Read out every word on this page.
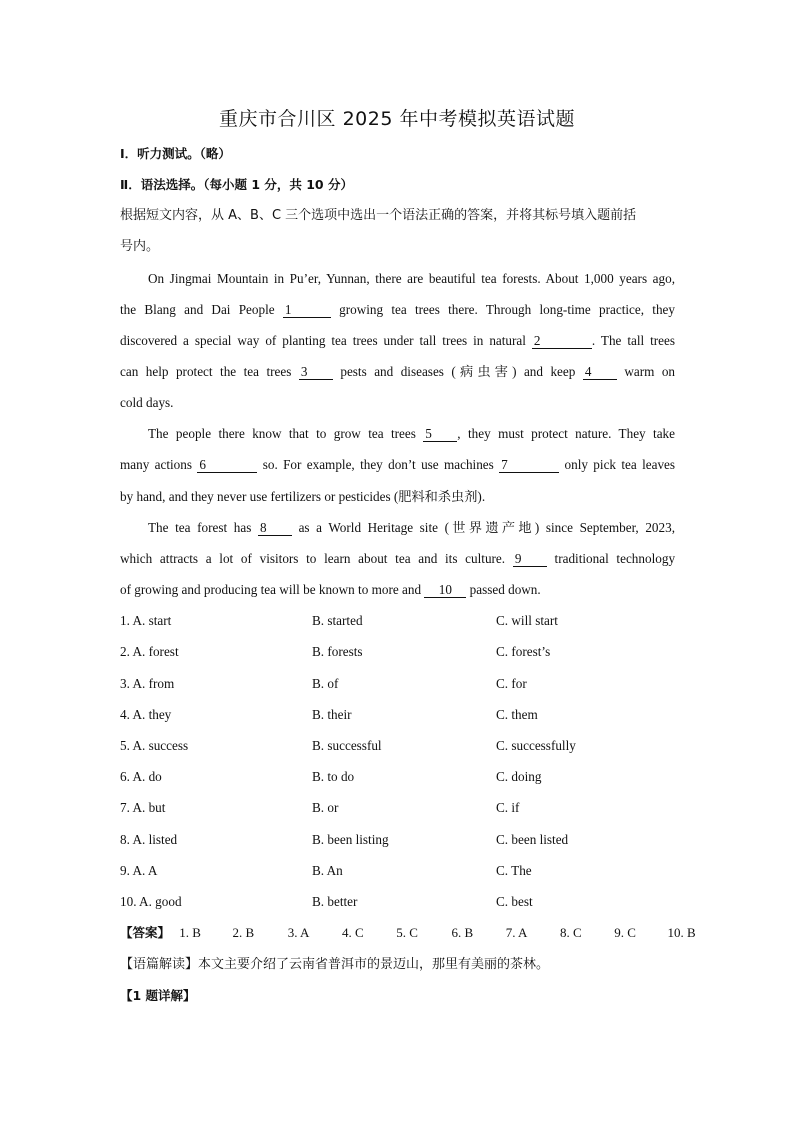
重庆市合川区 2025 年中考模拟英语试题
Ⅰ．听力测试。（略）
Ⅱ．语法选择。（每小题 1 分，共 10 分）
根据短文内容，从 A、B、C 三个选项中选出一个语法正确的答案，并将其标号填入题前括
号内。
On Jingmai Mountain in Pu’er, Yunnan, there are beautiful tea forests. About 1,000 years ago,
the Blang and Dai People 1	growing tea trees there. Through long-time practice, they
discovered a special way of planting tea trees under tall trees in natural 2	. The tall trees
can help protect the tea trees 3 pests and diseases (病虫害) and keep 4 warm on
cold days.
The people there know that to grow tea trees 5 , they must protect nature. They take
many actions 6	so. For example, they don’t use machines 7	only pick tea leaves
by hand, and they never use fertilizers or pesticides (肥料和杀虫剂).
The tea forest has 8 as a World Heritage site (世界遗产地) since September, 2023,
which attracts a lot of visitors to learn about tea and its culture. 9	traditional technology
of growing and producing tea will be known to more and 10 passed down.
1. A. start	B. started	C. will start
2. A. forest	B. forests	C. forest’s
3. A. from	B. of	C. for
4. A. they	B. their	C. them
5. A. success	B. successful	C. successfully
6. A. do	B. to do	C. doing
7. A. but	B. or	C. if
8. A. listed	B. been listing	C. been listed
9. A. A	B. An	C. The
10. A. good	B. better	C. best
【答案】 1. B 2. B	3. A	4. C	5. C	6. B	7. A	8. C	9. C 10. B
【语篇解读】本文主要介绍了云南省普洱市的景迈山，那里有美丽的茶林。
【1 题详解】
